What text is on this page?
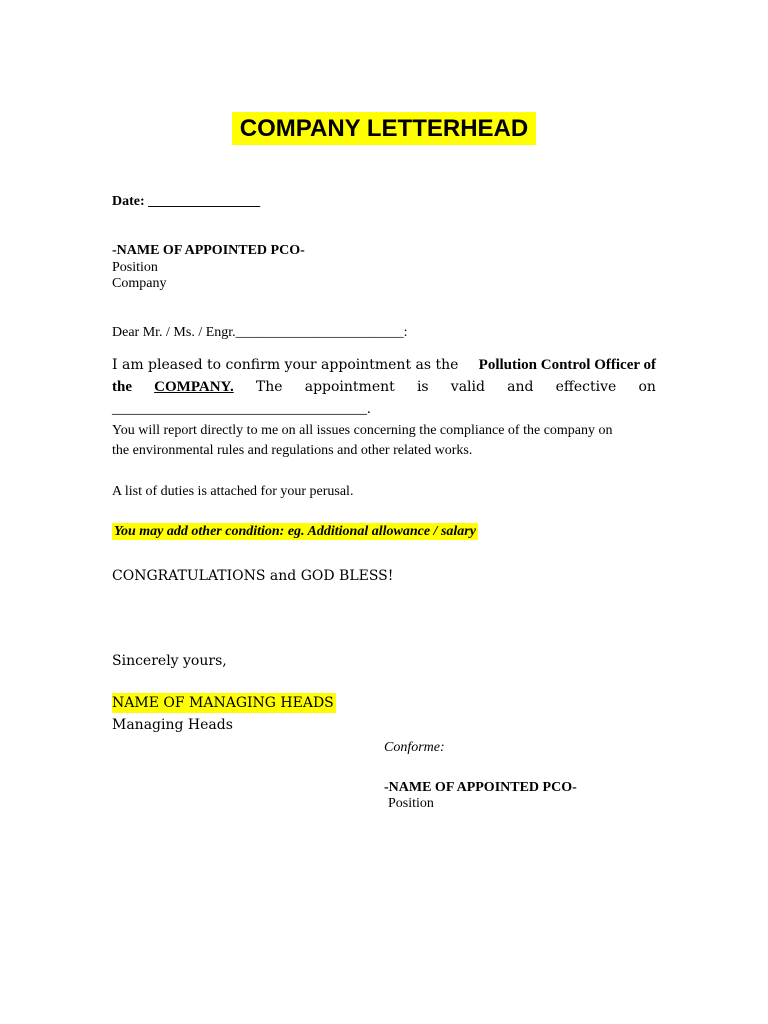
COMPANY LETTERHEAD
Date: ________________
-NAME OF APPOINTED PCO-
Position
Company
Dear Mr. / Ms. / Engr.________________________:
I am pleased to confirm your appointment as the Pollution Control Officer of
the COMPANY. The appointment is valid and effective on
__________________________________.
You will report directly to me on all issues concerning the compliance of the company on
the environmental rules and regulations and other related works.
A list of duties is attached for your perusal.
You may add other condition: eg. Additional allowance / salary
CONGRATULATIONS and GOD BLESS!
Sincerely yours,
NAME OF MANAGING HEADS
Managing Heads
Conforme:
-NAME OF APPOINTED PCO-
Position
